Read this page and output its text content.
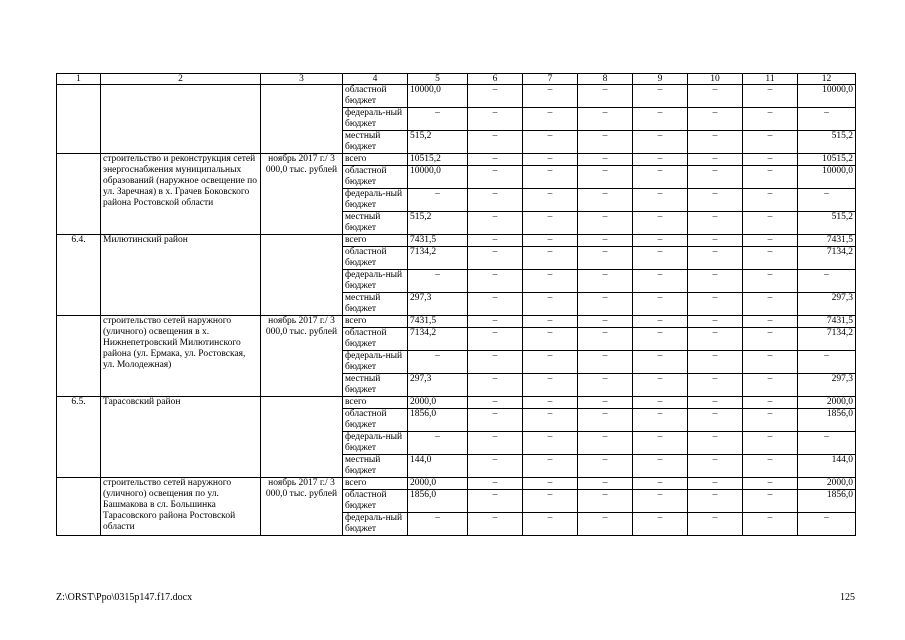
1	2	3	4	5	6	7	8	9	10	11	12
			областной бюджет	10000,0	–	–	–	–	–	–	10000,0
			федераль-ный бюджет	–	–	–	–	–	–	–	–
			местный бюджет	515,2	–	–	–	–	–	–	515,2
	строительство и реконструкция сетей энергоснабжения муниципальных образований (наружное освещение по ул. Заречная) в х. Грачев Боковского района Ростовской области	ноябрь 2017 г./ 3 000,0 тыс. рублей	всего	10515,2	–	–	–	–	–	–	10515,2
			областной бюджет	10000,0	–	–	–	–	–	–	10000,0
			федераль-ный бюджет	–	–	–	–	–	–	–	–
			местный бюджет	515,2	–	–	–	–	–	–	515,2
6.4.	Милютинский район		всего	7431,5	–	–	–	–	–	–	7431,5
			областной бюджет	7134,2	–	–	–	–	–	–	7134,2
			федераль-ный бюджет	–	–	–	–	–	–	–	–
			местный бюджет	297,3	–	–	–	–	–	–	297,3
	строительство сетей наружного (уличного) освещения в х. Нижнепетровский Милютинского района (ул. Ермака, ул. Ростовская, ул. Молодежная)	ноябрь 2017 г./ 3 000,0 тыс. рублей	всего	7431,5	–	–	–	–	–	–	7431,5
			областной бюджет	7134,2	–	–	–	–	–	–	7134,2
			федераль-ный бюджет	–	–	–	–	–	–	–	–
			местный бюджет	297,3	–	–	–	–	–	–	297,3
6.5.	Тарасовский район		всего	2000,0	–	–	–	–	–	–	2000,0
			областной бюджет	1856,0	–	–	–	–	–	–	1856,0
			федераль-ный бюджет	–	–	–	–	–	–	–	–
			местный бюджет	144,0	–	–	–	–	–	–	144,0
	строительство сетей наружного (уличного) освещения по ул. Башмакова в сл. Большинка Тарасовского района Ростовской области	ноябрь 2017 г./ 3 000,0 тыс. рублей	всего	2000,0	–	–	–	–	–	–	2000,0
			областной бюджет	1856,0	–	–	–	–	–	–	1856,0
			федераль-ный бюджет	–	–	–	–	–	–	–	–
Z:\ORST\Ppo\0315p147.f17.docx	125
